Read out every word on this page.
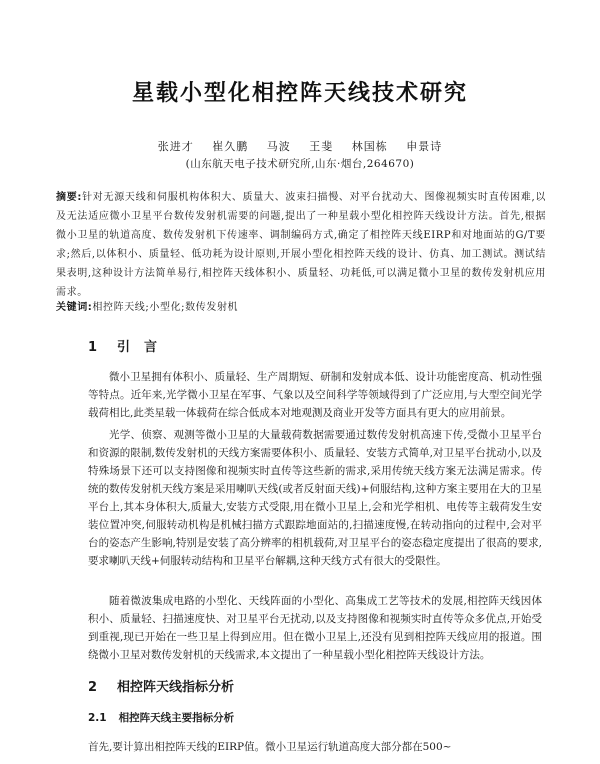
星载小型化相控阵天线技术研究
张进才 崔久鹏 马波 王斐 林国栋 申景诗
(山东航天电子技术研究所,山东·烟台,264670)
摘要:针对无源天线和伺服机构体积大、质量大、波束扫描慢、对平台扰动大、图像视频实时直传困难,以及无法适应微小卫星平台数传发射机需要的问题,提出了一种星载小型化相控阵天线设计方法。首先,根据微小卫星的轨道高度、数传发射机下传速率、调制编码方式,确定了相控阵天线EIRP和对地面站的G/T要求;然后,以体积小、质量轻、低功耗为设计原则,开展小型化相控阵天线的设计、仿真、加工测试。测试结果表明,这种设计方法简单易行,相控阵天线体积小、质量轻、功耗低,可以满足微小卫星的数传发射机应用需求。
关键词:相控阵天线;小型化;数传发射机
1 引言

微小卫星拥有体积小、质量轻、生产周期短、研制和发射成本低、设计功能密度高、机动性强等特点。近年来,光学微小卫星在军事、气象以及空间科学等领域得到了广泛应用,与大型空间光学载荷相比,此类星载一体载荷在综合低成本对地观测及商业开发等方面具有更大的应用前景。

光学、侦察、观测等微小卫星的大量载荷数据需要通过数传发射机高速下传,受微小卫星平台和资源的限制,数传发射机的天线方案需要体积小、质量轻、安装方式简单,对卫星平台扰动小,以及特殊场景下还可以支持图像和视频实时直传等这些新的需求,采用传统天线方案无法满足需求。传统的数传发射机天线方案是采用喇叭天线(或者反射面天线)+伺服结构,这种方案主要用在大的卫星平台上,其本身体积大,质量大,安装方式受限,用在微小卫星上,会和光学相机、电传等主载荷发生安装位置冲突,伺服转动机构是机械扫描方式跟踪地面站的,扫描速度慢,在转动指向的过程中,会对平台的姿态产生影响,特别是安装了高分辨率的相机载荷,对卫星平台的姿态稳定度提出了很高的要求,要求喇叭天线+伺服转动结构和卫星平台解耦,这种天线方式有很大的受限性。

随着微波集成电路的小型化、天线阵面的小型化、高集成工艺等技术的发展,相控阵天线因体积小、质量轻、扫描速度快、对卫星平台无扰动,以及支持图像和视频实时直传等众多优点,开始受到重视,现已开始在一些卫星上得到应用。但在微小卫星上,还没有见到相控阵天线应用的报道。围绕微小卫星对数传发射机的天线需求,本文提出了一种星载小型化相控阵天线设计方法。

2 相控阵天线指标分析
2.1 相控阵天线主要指标分析

首先,要计算出相控阵天线的EIRP值。微小卫星运行轨道高度大部分都在500~
